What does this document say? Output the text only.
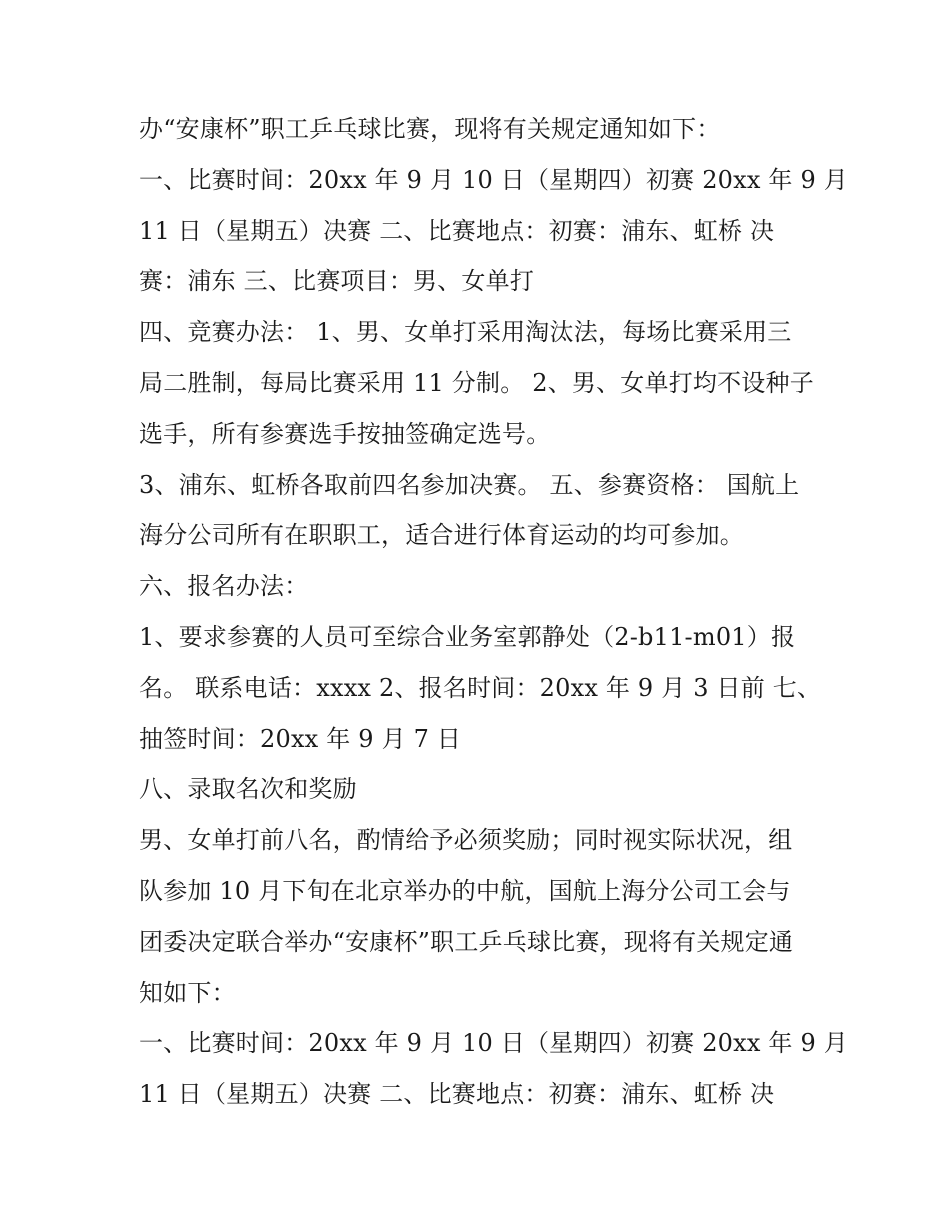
办“安康杯”职工乒乓球比赛，现将有关规定通知如下：
一、比赛时间：20xx 年 9 月 10 日（星期四）初赛 20xx 年 9 月
11 日（星期五）决赛 二、比赛地点：初赛：浦东、虹桥 决
赛：浦东 三、比赛项目：男、女单打
四、竞赛办法： 1、男、女单打采用淘汰法，每场比赛采用三
局二胜制，每局比赛采用 11 分制。 2、男、女单打均不设种子
选手，所有参赛选手按抽签确定选号。
3、浦东、虹桥各取前四名参加决赛。 五、参赛资格： 国航上
海分公司所有在职职工，适合进行体育运动的均可参加。
六、报名办法：
1、要求参赛的人员可至综合业务室郭静处（2-b11-m01）报
名。 联系电话：xxxx 2、报名时间：20xx 年 9 月 3 日前 七、
抽签时间：20xx 年 9 月 7 日
八、录取名次和奖励
男、女单打前八名，酌情给予必须奖励；同时视实际状况，组
队参加 10 月下旬在北京举办的中航，国航上海分公司工会与
团委决定联合举办“安康杯”职工乒乓球比赛，现将有关规定通
知如下：
一、比赛时间：20xx 年 9 月 10 日（星期四）初赛 20xx 年 9 月
11 日（星期五）决赛 二、比赛地点：初赛：浦东、虹桥 决
